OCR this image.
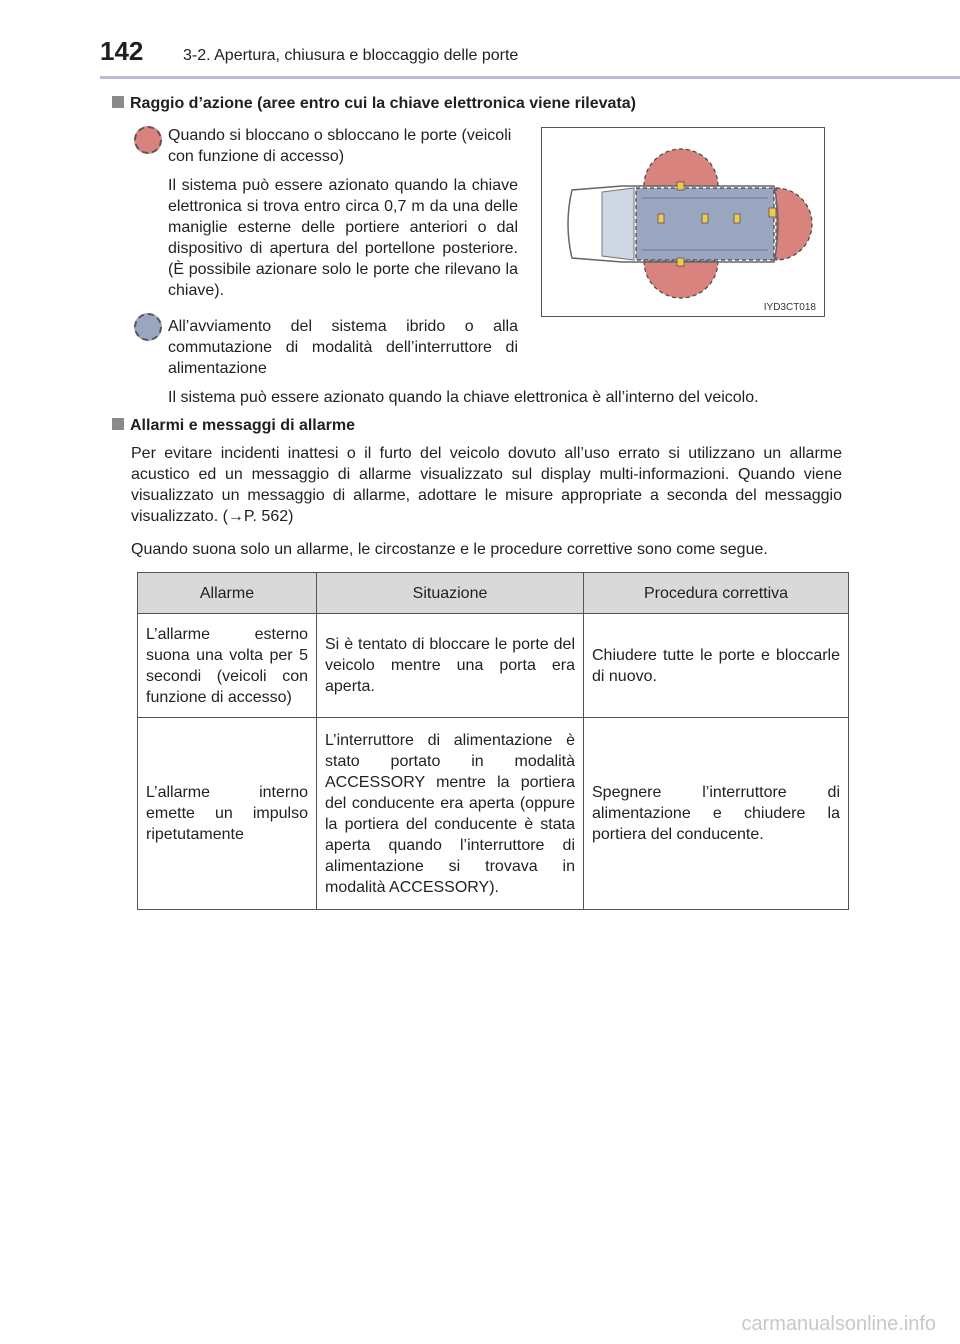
142 3-2. Apertura, chiusura e bloccaggio delle porte
Raggio d’azione (aree entro cui la chiave elettronica viene rilevata)
Quando si bloccano o sbloccano le porte (veicoli con funzione di accesso)
Il sistema può essere azionato quando la chiave elettronica si trova entro circa 0,7 m da una delle maniglie esterne delle portiere anteriori o dal dispositivo di apertura del portellone posteriore. (È possibile azionare solo le porte che rilevano la chiave).
IYD3CT018
All’avviamento del sistema ibrido o alla commutazione di modalità dell’interruttore di alimentazione
Il sistema può essere azionato quando la chiave elettronica è all’interno del veicolo.
Allarmi e messaggi di allarme
Per evitare incidenti inattesi o il furto del veicolo dovuto all’uso errato si utilizzano un allarme acustico ed un messaggio di allarme visualizzato sul display multi-informazioni. Quando viene visualizzato un messaggio di allarme, adottare le misure appropriate a seconda del messaggio visualizzato. (→P. 562)
Quando suona solo un allarme, le circostanze e le procedure correttive sono come segue.
Allarme	Situazione	Procedura correttiva
L’allarme esterno suona una volta per 5 secondi (veicoli con funzione di accesso)	Si è tentato di bloccare le porte del veicolo mentre una porta era aperta.	Chiudere tutte le porte e bloccarle di nuovo.
L’allarme interno emette un impulso ripetutamente	L’interruttore di alimentazione è stato portato in modalità ACCESSORY mentre la portiera del conducente era aperta (oppure la portiera del conducente è stata aperta quando l’interruttore di alimentazione si trovava in modalità ACCESSORY).	Spegnere l’interruttore di alimentazione e chiudere la portiera del conducente.
carmanualsonline.info
